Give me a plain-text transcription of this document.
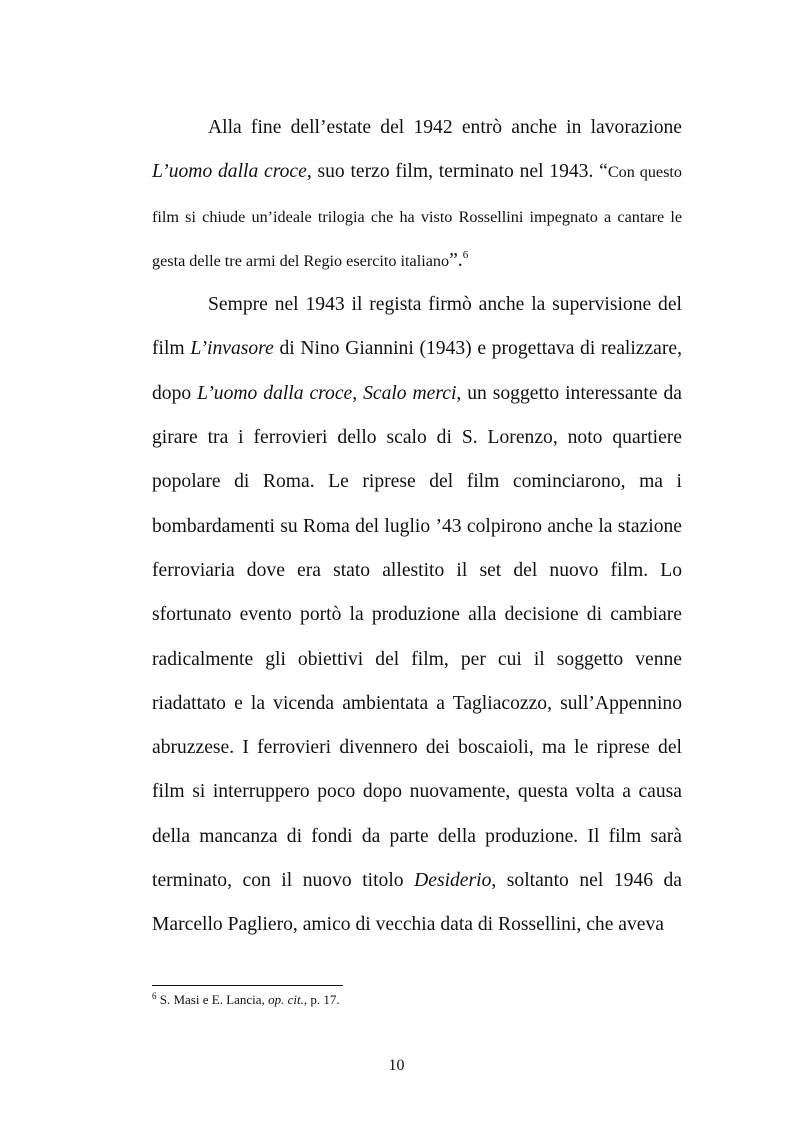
Alla fine dell’estate del 1942 entrò anche in lavorazione L’uomo dalla croce, suo terzo film, terminato nel 1943. “Con questo film si chiude un’ideale trilogia che ha visto Rossellini impegnato a cantare le gesta delle tre armi del Regio esercito italiano”.$^6$

Sempre nel 1943 il regista firmò anche la supervisione del film L’invasore di Nino Giannini (1943) e progettava di realizzare, dopo L’uomo dalla croce, Scalo merci, un soggetto interessante da girare tra i ferrovieri dello scalo di S. Lorenzo, noto quartiere popolare di Roma. Le riprese del film cominciarono, ma i bombardamenti su Roma del luglio ’43 colpirono anche la stazione ferroviaria dove era stato allestito il set del nuovo film. Lo sfortunato evento portò la produzione alla decisione di cambiare radicalmente gli obiettivi del film, per cui il soggetto venne riadattato e la vicenda ambientata a Tagliacozzo, sull’Appennino abruzzese. I ferrovieri divennero dei boscaioli, ma le riprese del film si interruppero poco dopo nuovamente, questa volta a causa della mancanza di fondi da parte della produzione. Il film sarà terminato, con il nuovo titolo Desiderio, soltanto nel 1946 da Marcello Pagliero, amico di vecchia data di Rossellini, che aveva

$^6$ S. Masi e E. Lancia, op. cit., p. 17.
10
